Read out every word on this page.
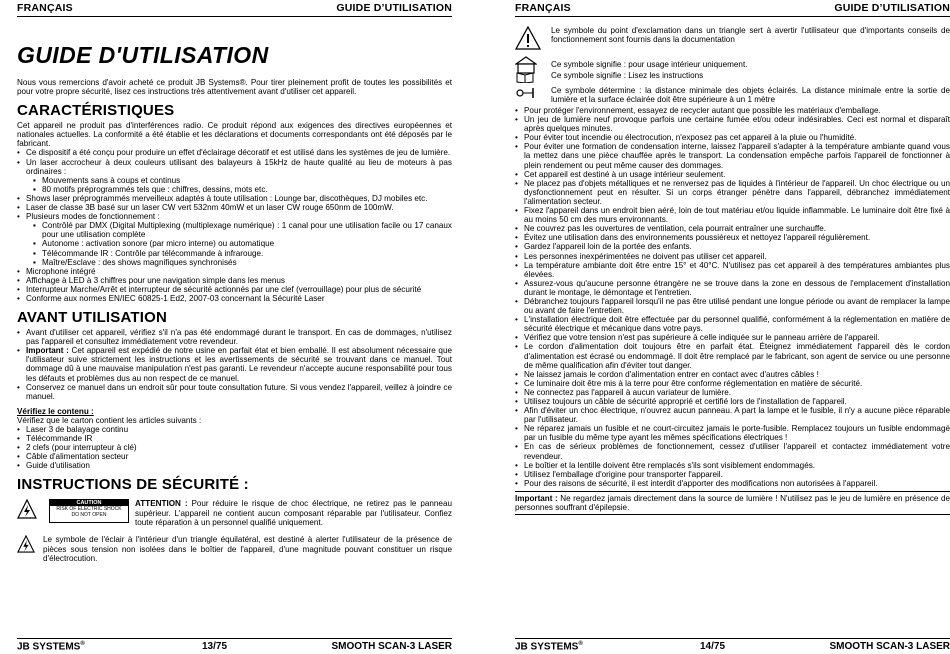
FRANÇAIS	GUIDE D’UTILISATION
GUIDE D'UTILISATION

Nous vous remercions d'avoir acheté ce produit JB Systems®. Pour tirer pleinement profit de toutes les possibilités et pour votre propre sécurité, lisez ces instructions très attentivement avant d'utiliser cet appareil.

CARACTÉRISTIQUES

Cet appareil ne produit pas d'interférences radio. Ce produit répond aux exigences des directives européennes et nationales actuelles. La conformité a été établie et les déclarations et documents correspondants ont été déposés par le fabricant.

• Ce dispositif a été conçu pour produire un effet d'éclairage décoratif et est utilisé dans les systèmes de jeu de lumière.
• Un laser accrocheur à deux couleurs utilisant des balayeurs à 15kHz de haute qualité au lieu de moteurs à pas ordinaires :
▪ Mouvements sans à coups et continus
▪ 80 motifs préprogrammés tels que : chiffres, dessins, mots etc.
• Shows laser préprogrammés merveilleux adaptés à toute utilisation : Lounge bar, discothèques, DJ mobiles etc.
• Laser de classe 3B basé sur un laser CW vert 532nm 40mW et un laser CW rouge 650nm de 100mW.
• Plusieurs modes de fonctionnement :
▪ Contrôlé par DMX (Digital Multiplexing (multiplexage numérique) : 1 canal pour une utilisation facile ou 17 canaux pour une utilisation complète
▪ Autonome : activation sonore (par micro interne) ou automatique
▪ Télécommande IR : Contrôle par télécommande à infrarouge.
▪ Maître/Esclave : des shows magnifiques synchronisés
• Microphone intégré
• Affichage à LED à 3 chiffres pour une navigation simple dans les menus
• Interrupteur Marche/Arrêt et interrupteur de sécurité actionnés par une clef (verrouillage) pour plus de sécurité
• Conforme aux normes EN/IEC 60825-1 Ed2, 2007-03 concernant la Sécurité Laser
AVANT UTILISATION
• Avant d'utiliser cet appareil, vérifiez s'il n'a pas été endommagé durant le transport. En cas de dommages, n'utilisez pas l'appareil et consultez immédiatement votre revendeur.
• Important : Cet appareil est expédié de notre usine en parfait état et bien emballé. Il est absolument nécessaire que l'utilisateur suive strictement les instructions et les avertissements de sécurité se trouvant dans ce manuel. Tout dommage dû à une mauvaise manipulation n'est pas garanti. Le revendeur n'accepte aucune responsabilité pour tous les défauts et problèmes dus au non respect de ce manuel.
• Conservez ce manuel dans un endroit sûr pour toute consultation future. Si vous vendez l'appareil, veillez à joindre ce manuel.

Vérifiez le contenu :

Vérifiez que le carton contient les articles suivants :

• Laser 3 de balayage continu
• Télécommande IR
• 2 clefs (pour interrupteur à clé)
• Câble d'alimentation secteur
• Guide d'utilisation
INSTRUCTIONS DE SÉCURITÉ :
CAUTION
RISK OF ELECTRIC SHOCK
DO NOT OPEN
ATTENTION : Pour réduire le risque de choc électrique, ne retirez pas le panneau supérieur. L'appareil ne contient aucun composant réparable par l'utilisateur. Confiez toute réparation à un personnel qualifié uniquement.
Le symbole de l'éclair à l'intérieur d'un triangle équilatéral, est destiné à alerter l'utilisateur de la présence de pièces sous tension non isolées dans le boîtier de l'appareil, d'une magnitude pouvant constituer un risque d'électrocution.
JB SYSTEMS®	13/75	SMOOTH SCAN-3 LASER
FRANÇAIS	GUIDE D’UTILISATION
Le symbole du point d'exclamation dans un triangle sert à avertir l'utilisateur que d'importants conseils de fonctionnement sont fournis dans la documentation
Ce symbole signifie : pour usage intérieur uniquement.
Ce symbole signifie : Lisez les instructions
Ce symbole détermine : la distance minimale des objets éclairés. La distance minimale entre la sortie de lumière et la surface éclairée doit être supérieure à un 1 mètre
• Pour protéger l'environnement, essayez de recycler autant que possible les matériaux d'emballage.
• Un jeu de lumière neuf provoque parfois une certaine fumée et/ou odeur indésirables. Ceci est normal et disparaît après quelques minutes.
• Pour éviter tout incendie ou électrocution, n'exposez pas cet appareil à la pluie ou l'humidité.
• Pour éviter une formation de condensation interne, laissez l'appareil s'adapter à la température ambiante quand vous la mettez dans une pièce chauffée après le transport. La condensation empêche parfois l'appareil de fonctionner à plein rendement ou peut même causer des dommages.
• Cet appareil est destiné à un usage intérieur seulement.
• Ne placez pas d'objets métalliques et ne renversez pas de liquides à l'intérieur de l'appareil. Un choc électrique ou un dysfonctionnement peut en résulter. Si un corps étranger pénètre dans l'appareil, débranchez immédiatement l'alimentation secteur.
• Fixez l'appareil dans un endroit bien aéré, loin de tout matériau et/ou liquide inflammable. Le luminaire doit être fixé à au moins 50 cm des murs environnants.
• Ne couvrez pas les ouvertures de ventilation, cela pourrait entraîner une surchauffe.
• Évitez une utilisation dans des environnements poussiéreux et nettoyez l'appareil régulièrement.
• Gardez l'appareil loin de la portée des enfants.
• Les personnes inexpérimentées ne doivent pas utiliser cet appareil.
• La température ambiante doit être entre 15° et 40°C. N'utilisez pas cet appareil à des températures ambiantes plus élevées.
• Assurez-vous qu'aucune personne étrangère ne se trouve dans la zone en dessous de l'emplacement d'installation durant le montage, le démontage et l'entretien.
• Débranchez toujours l'appareil lorsqu'il ne pas être utilisé pendant une longue période ou avant de remplacer la lampe ou avant de faire l'entretien.
• L'installation électrique doit être effectuée par du personnel qualifié, conformément à la réglementation en matière de sécurité électrique et mécanique dans votre pays.
• Vérifiez que votre tension n'est pas supérieure à celle indiquée sur le panneau arrière de l'appareil.
• Le cordon d'alimentation doit toujours être en parfait état. Éteignez immédiatement l'appareil dès le cordon d'alimentation est écrasé ou endommagé. Il doit être remplacé par le fabricant, son agent de service ou une personne de même qualification afin d'éviter tout danger.
• Ne laissez jamais le cordon d'alimentation entrer en contact avec d'autres câbles !
• Ce luminaire doit être mis à la terre pour être conforme réglementation en matière de sécurité.
• Ne connectez pas l'appareil à aucun variateur de lumière.
• Utilisez toujours un câble de sécurité approprié et certifié lors de l'installation de l'appareil.
• Afin d'éviter un choc électrique, n'ouvrez aucun panneau. A part la lampe et le fusible, il n'y a aucune pièce réparable par l'utilisateur.
• Ne réparez jamais un fusible et ne court-circuitez jamais le porte-fusible. Remplacez toujours un fusible endommagé par un fusible du même type ayant les mêmes spécifications électriques !
• En cas de sérieux problèmes de fonctionnement, cessez d'utiliser l'appareil et contactez immédiatement votre revendeur.
• Le boîtier et la lentille doivent être remplacés s'ils sont visiblement endommagés.
• Utilisez l'emballage d'origine pour transporter l'appareil.
• Pour des raisons de sécurité, il est interdit d'apporter des modifications non autorisées à l'appareil.

Important : Ne regardez jamais directement dans la source de lumière ! N'utilisez pas le jeu de lumière en présence de personnes souffrant d'épilepsie.

JB SYSTEMS®	14/75	SMOOTH SCAN-3 LASER
